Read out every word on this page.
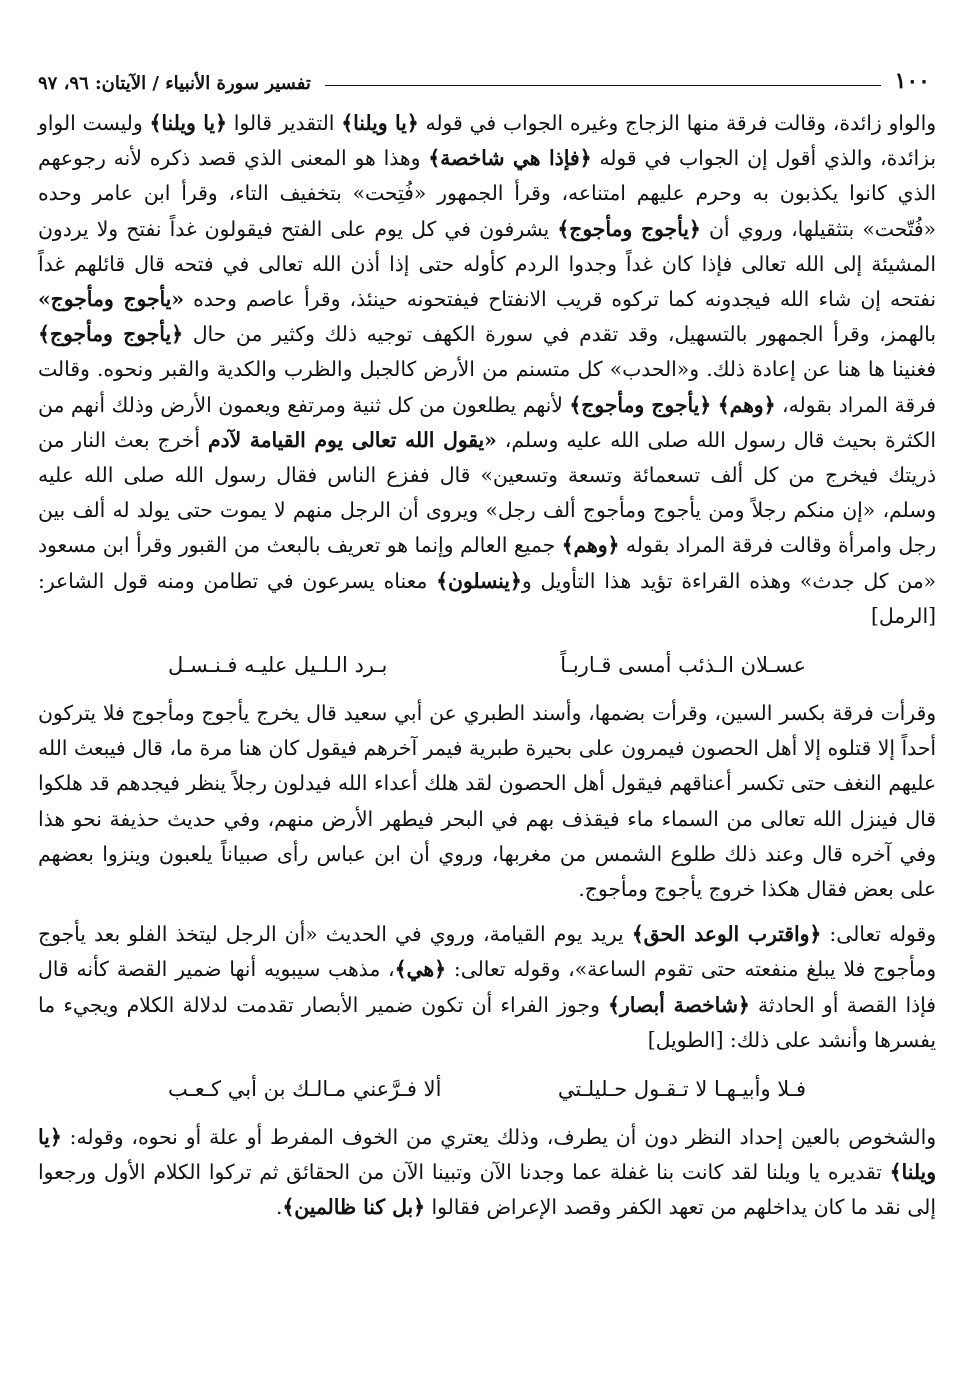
١٠٠
تفسير سورة الأنبياء / الآيتان: ٩٦، ٩٧

والواو زائدة، وقالت فرقة منها الزجاج وغيره الجواب في قوله ﴿يا ويلنا﴾ التقدير قالوا ﴿يا ويلنا﴾ وليست الواو بزائدة، والذي أقول إن الجواب في قوله ﴿فإذا هي شاخصة﴾ وهذا هو المعنى الذي قصد ذكره لأنه رجوعهم الذي كانوا يكذبون به وحرم عليهم امتناعه، وقرأ الجمهور «فُتِحت» بتخفيف التاء، وقرأ ابن عامر وحده «فُتّحت» بتثقيلها، وروي أن ﴿يأجوج ومأجوج﴾ يشرفون في كل يوم على الفتح فيقولون غداً نفتح ولا يردون المشيئة إلى الله تعالى فإذا كان غداً وجدوا الردم كأوله حتى إذا أذن الله تعالى في فتحه قال قائلهم غداً نفتحه إن شاء الله فيجدونه كما تركوه قريب الانفتاح فيفتحونه حينئذ، وقرأ عاصم وحده «يأجوج ومأجوج» بالهمز، وقرأ الجمهور بالتسهيل، وقد تقدم في سورة الكهف توجيه ذلك وكثير من حال ﴿يأجوج ومأجوج﴾ فغنينا ها هنا عن إعادة ذلك. و«الحدب» كل متسنم من الأرض كالجبل والظرب والكدية والقبر ونحوه. وقالت فرقة المراد بقوله، ﴿وهم﴾ ﴿يأجوج ومأجوج﴾ لأنهم يطلعون من كل ثنية ومرتفع ويعمون الأرض وذلك أنهم من الكثرة بحيث قال رسول الله صلى الله عليه وسلم، «يقول الله تعالى يوم القيامة لآدم أخرج بعث النار من ذريتك فيخرج من كل ألف تسعمائة وتسعة وتسعين» قال ففزع الناس فقال رسول الله صلى الله عليه وسلم، «إن منكم رجلاً ومن يأجوج ومأجوج ألف رجل» ويروى أن الرجل منهم لا يموت حتى يولد له ألف بين رجل وامرأة وقالت فرقة المراد بقوله ﴿وهم﴾ جميع العالم وإنما هو تعريف بالبعث من القبور وقرأ ابن مسعود «من كل جدث» وهذه القراءة تؤيد هذا التأويل و﴿ينسلون﴾ معناه يسرعون في تطامن ومنه قول الشاعر: [الرمل]

عسـلان الـذئب أمسى قـاربـاً
بـرد الـلـيل عليـه فـنـسـل

وقرأت فرقة بكسر السين، وقرأت بضمها، وأسند الطبري عن أبي سعيد قال يخرج يأجوج ومأجوج فلا يتركون أحداً إلا قتلوه إلا أهل الحصون فيمرون على بحيرة طبرية فيمر آخرهم فيقول كان هنا مرة ما، قال فيبعث الله عليهم النغف حتى تكسر أعناقهم فيقول أهل الحصون لقد هلك أعداء الله فيدلون رجلاً ينظر فيجدهم قد هلكوا قال فينزل الله تعالى من السماء ماء فيقذف بهم في البحر فيطهر الأرض منهم، وفي حديث حذيفة نحو هذا وفي آخره قال وعند ذلك طلوع الشمس من مغربها، وروي أن ابن عباس رأى صبياناً يلعبون وينزوا بعضهم على بعض فقال هكذا خروج يأجوج ومأجوج.

وقوله تعالى: ﴿واقترب الوعد الحق﴾ يريد يوم القيامة، وروي في الحديث «أن الرجل ليتخذ الفلو بعد يأجوج ومأجوج فلا يبلغ منفعته حتى تقوم الساعة»، وقوله تعالى: ﴿هي﴾، مذهب سيبويه أنها ضمير القصة كأنه قال فإذا القصة أو الحادثة ﴿شاخصة أبصار﴾ وجوز الفراء أن تكون ضمير الأبصار تقدمت لدلالة الكلام ويجيء ما يفسرها وأنشد على ذلك: [الطويل]

فـلا وأبيـهـا لا تـقـول حـليلـتي
ألا فـرَّعني مـالـك بن أبي كـعـب

والشخوص بالعين إحداد النظر دون أن يطرف، وذلك يعتري من الخوف المفرط أو علة أو نحوه، وقوله: ﴿يا ويلنا﴾ تقديره يا ويلنا لقد كانت بنا غفلة عما وجدنا الآن وتبينا الآن من الحقائق ثم تركوا الكلام الأول ورجعوا إلى نقد ما كان يداخلهم من تعهد الكفر وقصد الإعراض فقالوا ﴿بل كنا ظالمين﴾.
